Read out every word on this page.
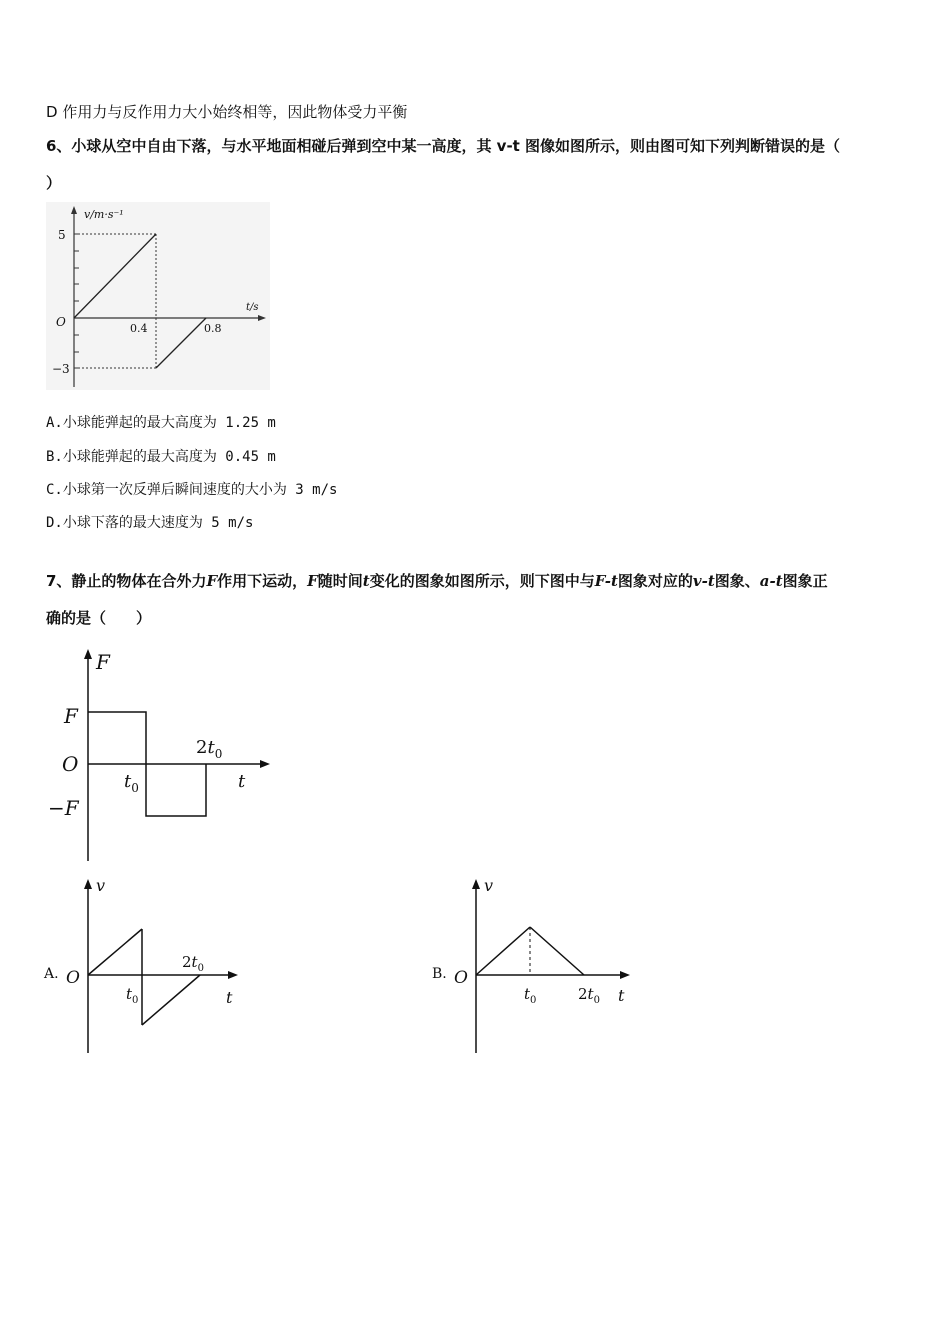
D 作用力与反作用力大小始终相等，因此物体受力平衡
6、小球从空中自由下落，与水平地面相碰后弹到空中某一高度，其 v-t 图像如图所示，则由图可知下列判断错误的是（
）
v/m·s⁻¹
t/s
O
5
−3
0.4	0.8
A.小球能弹起的最大高度为 1.25 m
B.小球能弹起的最大高度为 0.45 m
C.小球第一次反弹后瞬间速度的大小为 3 m/s
D.小球下落的最大速度为 5 m/s
7、静止的物体在合外力F作用下运动，F随时间t变化的图象如图所示，则下图中与F-t图象对应的v-t图象、a-t图象正
确的是（　　）
F
F
O
−F
$t_0$
$2t_0$
t
A.
v
O
$t_0$
$2t_0$
t
B.
v
O
$t_0$	$2t_0$ t
